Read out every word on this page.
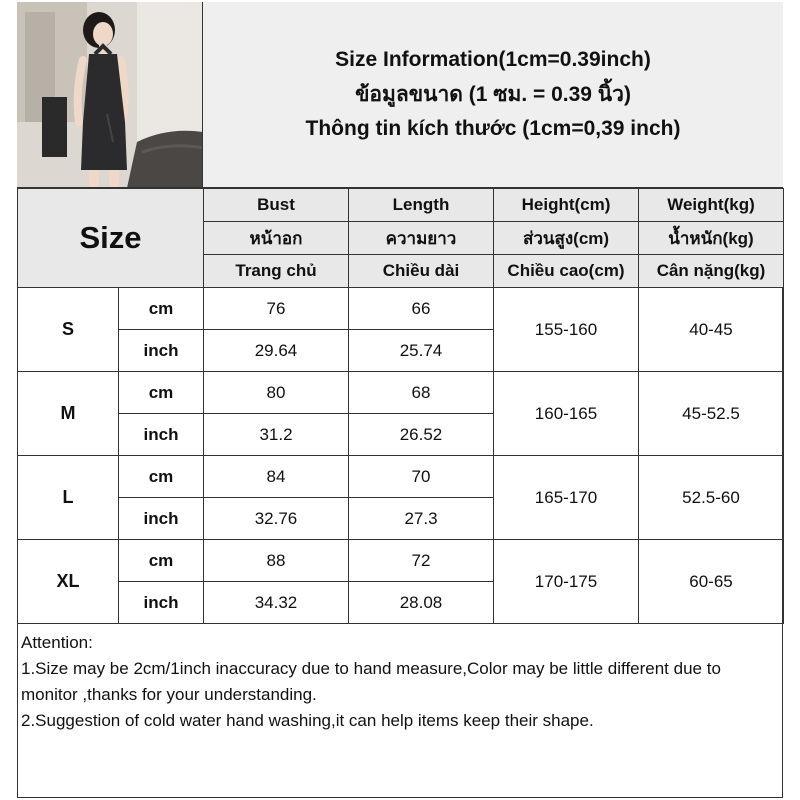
Size Information(1cm=0.39inch)
ข้อมูลขนาด (1 ซม. = 0.39 นิ้ว)
Thông tin kích thước (1cm=0,39 inch)
Size		Bust	Length	Height(cm)	Weight(kg)
		หน้าอก	ความยาว	ส่วนสูง(cm)	น้ำหนัก(kg)
		Trang chủ	Chiều dài	Chiều cao(cm)	Cân nặng(kg)
S	cm	76	66	155-160	40-45
	inch	29.64	25.74		
M	cm	80	68	160-165	45-52.5
	inch	31.2	26.52		
L	cm	84	70	165-170	52.5-60
	inch	32.76	27.3		
XL	cm	88	72	170-175	60-65
	inch	34.32	28.08		
Attention:
1.Size may be 2cm/1inch inaccuracy due to hand measure,Color may be little different due to monitor ,thanks for your understanding.
2.Suggestion of cold water hand washing,it can help items keep their shape.
